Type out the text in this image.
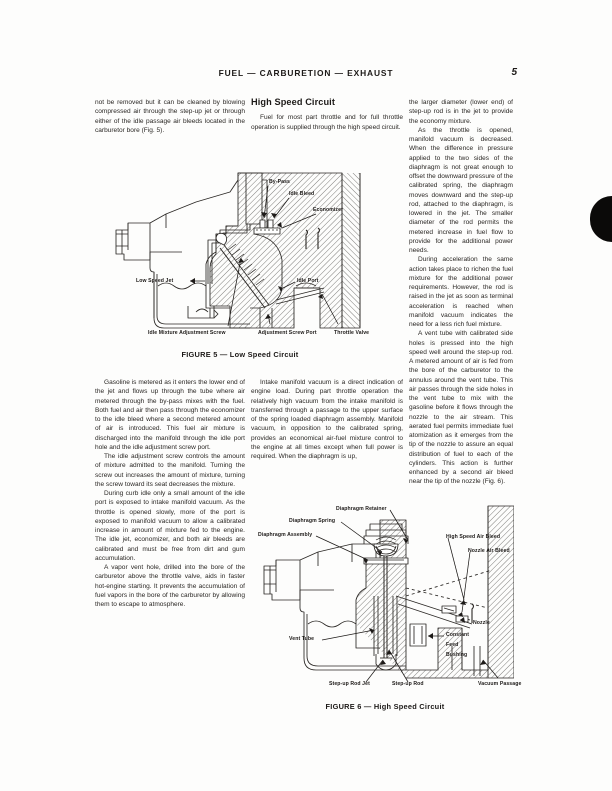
FUEL — CARBURETION — EXHAUST	5

not be removed but it can be cleaned by blowing compressed air through the step-up jet or through either of the idle passage air bleeds located in the carburetor bore (Fig. 5).

High Speed Circuit

Fuel for most part throttle and for full throttle operation is supplied through the high speed circuit.

the larger diameter (lower end) of step-up rod is in the jet to provide the economy mixture.

As the throttle is opened, manifold vacuum is decreased. When the difference in pressure applied to the two sides of the diaphragm is not great enough to offset the downward pressure of the calibrated spring, the diaphragm moves downward and the step-up rod, attached to the diaphragm, is lowered in the jet. The smaller diameter of the rod permits the metered increase in fuel flow to provide for the additional power needs.

During acceleration the same action takes place to richen the fuel mixture for the additional power requirements. However, the rod is raised in the jet as soon as terminal acceleration is reached when manifold vacuum indicates the need for a less rich fuel mixture.

A vent tube with calibrated side holes is pressed into the high speed well around the step-up rod. A metered amount of air is fed from the bore of the carburetor to the annulus around the vent tube. This air passes through the side holes in the vent tube to mix with the gasoline before it flows through the nozzle to the air stream. This aerated fuel permits immediate fuel atomization as it emerges from the tip of the nozzle to assure an equal distribution of fuel to each of the cylinders. This action is further enhanced by a second air bleed near the tip of the nozzle (Fig. 6).

By-Pass
Idle Bleed
Economizer
Low Speed Jet	Idle Port
Idle Mixture Adjustment Screw	Adjustment Screw Port	Throttle Valve
FIGURE 5 — Low Speed Circuit

Gasoline is metered as it enters the lower end of the jet and flows up through the tube where air metered through the by-pass mixes with the fuel. Both fuel and air then pass through the economizer to the idle bleed where a second metered amount of air is introduced. This fuel air mixture is discharged into the manifold through the idle port hole and the idle adjustment screw port.

The idle adjustment screw controls the amount of mixture admitted to the manifold. Turning the screw out increases the amount of mixture, turning the screw toward its seat decreases the mixture.

During curb idle only a small amount of the idle port is exposed to intake manifold vacuum. As the throttle is opened slowly, more of the port is exposed to manifold vacuum to allow a calibrated increase in amount of mixture fed to the engine. The idle jet, economizer, and both air bleeds are calibrated and must be free from dirt and gum accumulation.

A vapor vent hole, drilled into the bore of the carburetor above the throttle valve, aids in faster hot-engine starting. It prevents the accumulation of fuel vapors in the bore of the carburetor by allowing them to escape to atmosphere.

Intake manifold vacuum is a direct indication of engine load. During part throttle operation the relatively high vacuum from the intake manifold is transferred through a passage to the upper surface of the spring loaded diaphragm assembly. Manifold vacuum, in opposition to the calibrated spring, provides an economical air-fuel mixture control to the engine at all times except when full power is required. When the diaphragm is up,

Diaphragm Retainer
Diaphragm Spring
Diaphragm Assembly	High Speed Air Bleed
Nozzle Air Bleed
Vent Tube
Nozzle
Constant
Feed
Bushing
Step-up Rod Jet	Step-up Rod	Vacuum Passage
FIGURE 6 — High Speed Circuit
